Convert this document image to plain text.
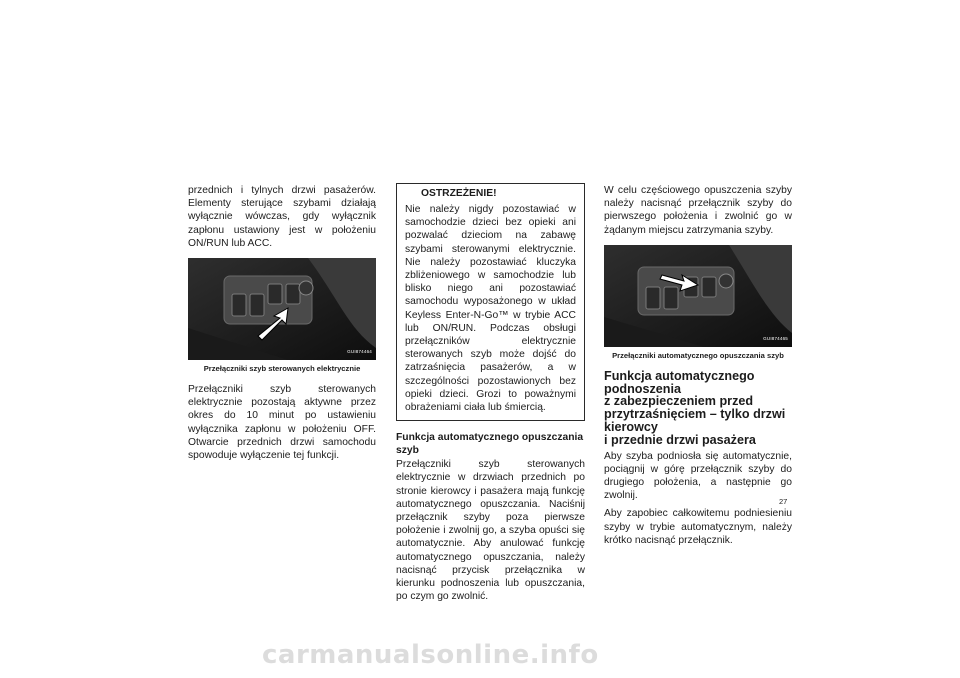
przednich i tylnych drzwi pasażerów. Elementy sterujące szybami działają wyłącznie wówczas, gdy wyłącznik zapłonu ustawiony jest w położeniu ON/RUN lub ACC.

GUI874464
Przełączniki szyb sterowanych elektrycznie

Przełączniki szyb sterowanych elektrycznie pozostają aktywne przez okres do 10 minut po ustawieniu wyłącznika zapłonu w położeniu OFF. Otwarcie przednich drzwi samochodu spowoduje wyłączenie tej funkcji.

OSTRZEŻENIE!
Nie należy nigdy pozostawiać w samochodzie dzieci bez opieki ani pozwalać dzieciom na zabawę szybami sterowanymi elektrycznie. Nie należy pozostawiać kluczyka zbliżeniowego w samochodzie lub blisko niego ani pozostawiać samochodu wyposażonego w układ Keyless Enter-N-Go™ w trybie ACC lub ON/RUN. Podczas obsługi przełączników elektrycznie sterowanych szyb może dojść do zatrzaśnięcia pasażerów, a w szczególności pozostawionych bez opieki dzieci. Grozi to poważnymi obrażeniami ciała lub śmiercią.
Funkcja automatycznego opuszczania szyb

Przełączniki szyb sterowanych elektrycznie w drzwiach przednich po stronie kierowcy i pasażera mają funkcję automatycznego opuszczania. Naciśnij przełącznik szyby poza pierwsze położenie i zwolnij go, a szyba opuści się automatycznie. Aby anulować funkcję automatycznego opuszczania, należy nacisnąć przycisk przełącznika w kierunku podnoszenia lub opuszczania, po czym go zwolnić.

W celu częściowego opuszczenia szyby należy nacisnąć przełącznik szyby do pierwszego położenia i zwolnić go w żądanym miejscu zatrzymania szyby.

GUI874465
Przełączniki automatycznego opuszczania szyb
Funkcja automatycznego podnoszenia
z zabezpieczeniem przed
przytrzaśnięciem – tylko drzwi kierowcy
i przednie drzwi pasażera

Aby szyba podniosła się automatycznie, pociągnij w górę przełącznik szyby do drugiego położenia, a następnie go zwolnij.

Aby zapobiec całkowitemu podniesieniu szyby w trybie automatycznym, należy krótko nacisnąć przełącznik.

27
carmanualsonline.info
